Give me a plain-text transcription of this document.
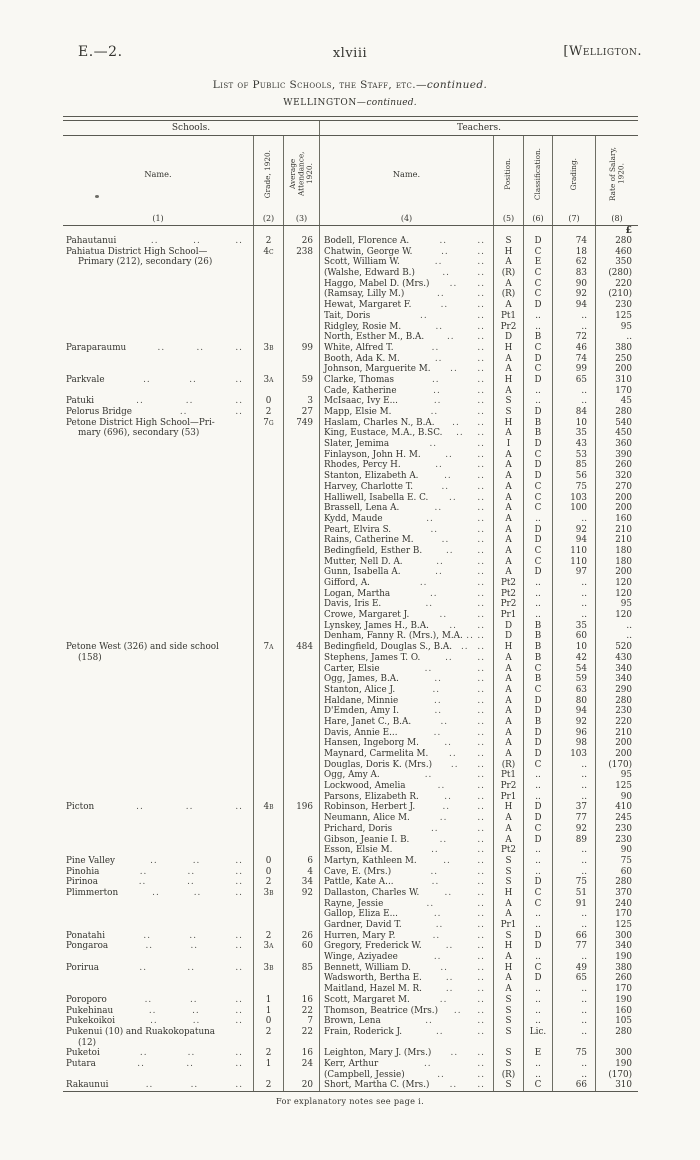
E.—2.	xlviii	[Welligton.
List of Public Schools, the Staff, etc.—continued.
WELLINGTON—continued.
Schools.	Teachers.
Name.
(1)
Grade, 1920.
(2)
Average Attendance, 1920.
(3)
Name.
(4)
Position.
(5)
Classification.
(6)
Grading.
(7)
Rate of Salary, 1920.
(8)
£
Pahautanui	..	..	..	2	26	Bodell, Florence A.	..	..	S	D	74	280
Pahiatua District High School—	4c	238	Chatwin, George W.	..	..	H	C	18	460
Primary (212), secondary (26)	Scott, William W.	..	..	A	E	62	350
(Walshe, Edward B.)	..	..	(R)	C	83	(280)
Haggo, Mabel D. (Mrs.) .. ..	A	C	90	220
(Ramsay, Lilly M.)	..	..	(R)	C	92	(210)
Hewat, Margaret F.	..	..	A	D	94	230
Tait, Doris	..	..	Pt1	..	..	125
Ridgley, Rosie M.	..	..	Pr2	..	..	95
North, Esther M., B.A.	..	..	D	B	72	..
Paraparaumu	..	..	..	3b	99	White, Alfred T.	..	..	H	C	46	380
Booth, Ada K. M.	..	..	A	D	74	250
Johnson, Marguerite M. .. ..	A	C	99	200
Parkvale	..	..	..	3a	59	Clarke, Thomas	..	..	H	D	65	310
Cade, Katherine	..	..	A	..	..	170
Patuki	..	..	..	0	3	McIsaac, Ivy E...	..	..	S	..	..	45
Pelorus Bridge	..	..	2	27	Mapp, Elsie M.	..	..	S	D	84	280
Petone District High School—Pri-	7g	749	Haslam, Charles N., B.A. .. ..	H	B	10	540
mary (696), secondary (53)	King, Eustace, M.A., B.SC. .. ..	A	B	35	450
Slater, Jemima	..	..	I	D	43	360
Finlayson, John H. M.	..	..	A	C	53	390
Rhodes, Percy H.	..	..	A	D	85	260
Stanton, Elizabeth A.	..	..	A	D	56	320
Harvey, Charlotte T.	..	..	A	C	75	270
Halliwell, Isabella E. C. .. ..	A	C	103	200
Brassell, Lena A.	..	..	A	C	100	200
Kydd, Maude	..	..	A	..	..	160
Peart, Elvira S.	..	..	A	D	92	210
Rains, Catherine M.	..	..	A	D	94	210
Bedingfield, Esther B.	..	..	A	C	110	180
Mutter, Nell D. A.	..	..	A	C	110	180
Gunn, Isabella A.	..	..	A	D	97	200
Gifford, A.	..	..	Pt2	..	..	120
Logan, Martha	..	..	Pt2	..	..	120
Davis, Iris E.	..	..	Pr2	..	..	95
Crowe, Margaret J.	..	..	Pr1	..	..	120
Lynskey, James H., B.A. .. ..	D	B	35	..
Denham, Fanny R. (Mrs.), M.A. .. ..	D	B	60	..
Petone West (326) and side school	7a	484	Bedingfield, Douglas S., B.A. .. ..	H	B	10	520
(158)	Stephens, James T. O.	..	..	A	B	42	430
Carter, Elsie	..	..	A	C	54	340
Ogg, James, B.A.	..	..	A	B	59	340
Stanton, Alice J.	..	..	A	C	63	290
Haldane, Minnie	..	..	A	D	80	280
D'Emden, Amy I.	..	..	A	D	94	230
Hare, Janet C., B.A.	..	..	A	B	92	220
Davis, Annie E...	..	..	A	D	96	210
Hansen, Ingeborg M.	..	..	A	D	98	200
Maynard, Carmelita M. .. ..	A	D	103	200
Douglas, Doris K. (Mrs.) .. ..	(R)	C	..	(170)
Ogg, Amy A.	..	..	Pt1	..	..	95
Lockwood, Amelia	..	..	Pr2	..	..	125
Parsons, Elizabeth R.	..	..	Pr1	..	..	90
Picton	..	..	..	4b	196	Robinson, Herbert J.	..	..	H	D	37	410
Neumann, Alice M.	..	..	A	D	77	245
Prichard, Doris	..	..	A	C	92	230
Gibson, Jeanie I. B.	..	..	A	D	89	230
Esson, Elsie M.	..	..	Pt2	..	..	90
Pine Valley	..	..	..	0	6	Martyn, Kathleen M.	..	..	S	..	..	75
Pinohia	..	..	..	0	4	Cave, E. (Mrs.)	..	..	S	..	..	60
Pirinoa	..	..	..	2	34	Pattle, Kate A...	..	..	S	D	75	280
Plimmerton	..	..	..	3b	92	Dallaston, Charles W.	..	..	H	C	51	370
Rayne, Jessie	..	..	A	C	91	240
Gallop, Eliza E...	..	..	A	..	..	170
Gardner, David T.	..	..	Pr1	..	..	125
Ponatahi	..	..	..	2	26	Hurren, Mary P.	..	..	S	D	66	300
Pongaroa	..	..	..	3a	60	Gregory, Frederick W.	..	..	H	D	77	340
Winge, Aziyadee	..	..	A	..	..	190
Porirua	..	..	..	3b	85	Bennett, William D.	..	..	H	C	49	380
Wadsworth, Bertha E.	..	..	A	D	65	260
Maitland, Hazel M. R.	..	..	A	..	..	170
Poroporo	..	..	..	1	16	Scott, Margaret M.	..	..	S	..	..	190
Pukehinau	..	..	..	1	22	Thomson, Beatrice (Mrs.) .. ..	S	..	..	160
Pukekoikoi	..	..	..	0	7	Brown, Lena	..	..	S	..	..	105
Pukenui (10) and Ruakokopatuna	2	22	Frain, Roderick J.	..	..	S	Lic.	..	280
(12)
Puketoi	..	..	..	2	16	Leighton, Mary J. (Mrs.) .. ..	S	E	75	300
Putara	..	..	..	1	24	Kerr, Arthur	..	..	S	..	..	190
(Campbell, Jessie)	..	..	(R)	..	..	(170)
Rakaunui	..	..	..	2	20	Short, Martha C. (Mrs.) .. ..	S	C	66	310
For explanatory notes see page i.
